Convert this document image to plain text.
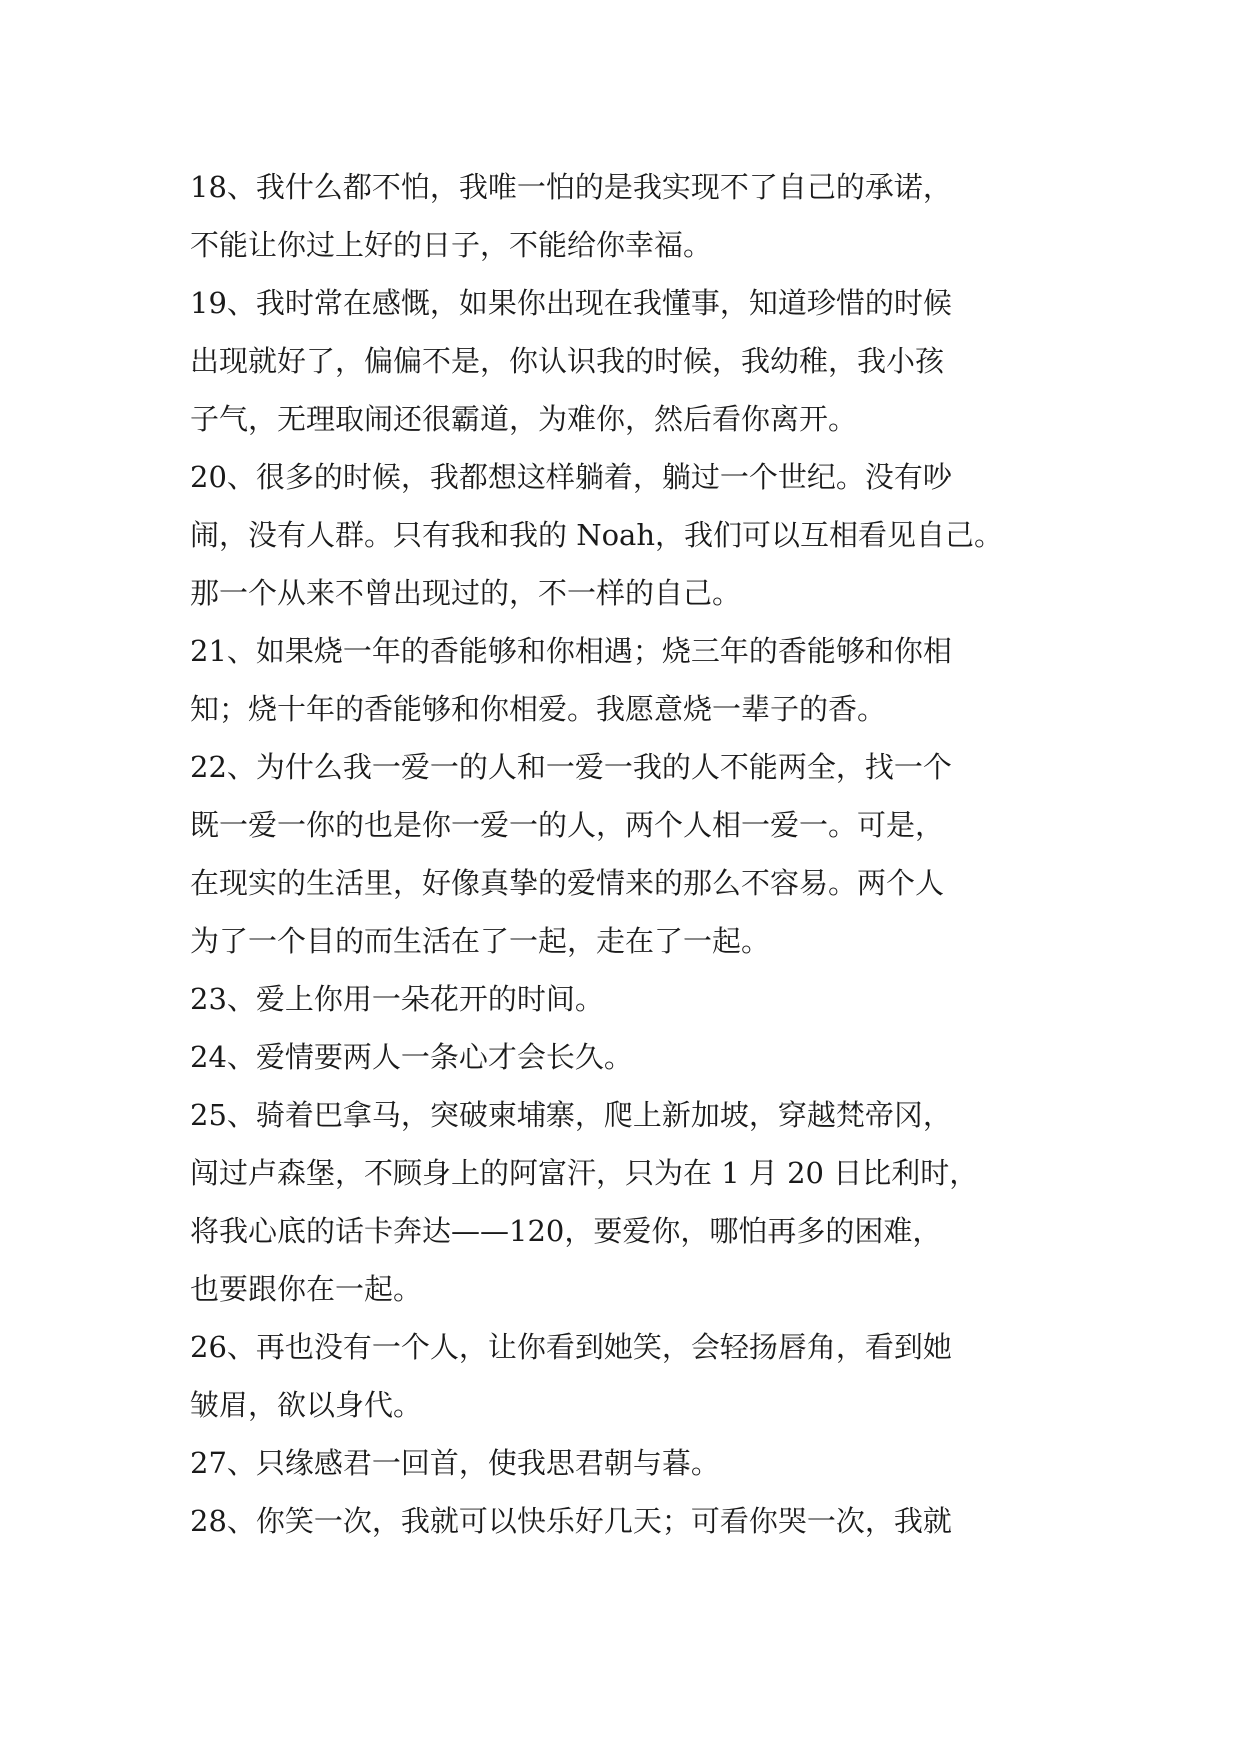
18、我什么都不怕，我唯一怕的是我实现不了自己的承诺，
不能让你过上好的日子，不能给你幸福。
19、我时常在感慨，如果你出现在我懂事，知道珍惜的时候
出现就好了，偏偏不是，你认识我的时候，我幼稚，我小孩
子气，无理取闹还很霸道，为难你，然后看你离开。
20、很多的时候，我都想这样躺着，躺过一个世纪。没有吵
闹，没有人群。只有我和我的 Noah，我们可以互相看见自己。
那一个从来不曾出现过的，不一样的自己。
21、如果烧一年的香能够和你相遇；烧三年的香能够和你相
知；烧十年的香能够和你相爱。我愿意烧一辈子的香。
22、为什么我一爱一的人和一爱一我的人不能两全，找一个
既一爱一你的也是你一爱一的人，两个人相一爱一。可是，
在现实的生活里，好像真挚的爱情来的那么不容易。两个人
为了一个目的而生活在了一起，走在了一起。
23、爱上你用一朵花开的时间。
24、爱情要两人一条心才会长久。
25、骑着巴拿马，突破柬埔寨，爬上新加坡，穿越梵帝冈，
闯过卢森堡，不顾身上的阿富汗，只为在 1 月 20 日比利时，
将我心底的话卡奔达——120，要爱你，哪怕再多的困难，
也要跟你在一起。
26、再也没有一个人，让你看到她笑，会轻扬唇角，看到她
皱眉，欲以身代。
27、只缘感君一回首，使我思君朝与暮。
28、你笑一次，我就可以快乐好几天；可看你哭一次，我就
